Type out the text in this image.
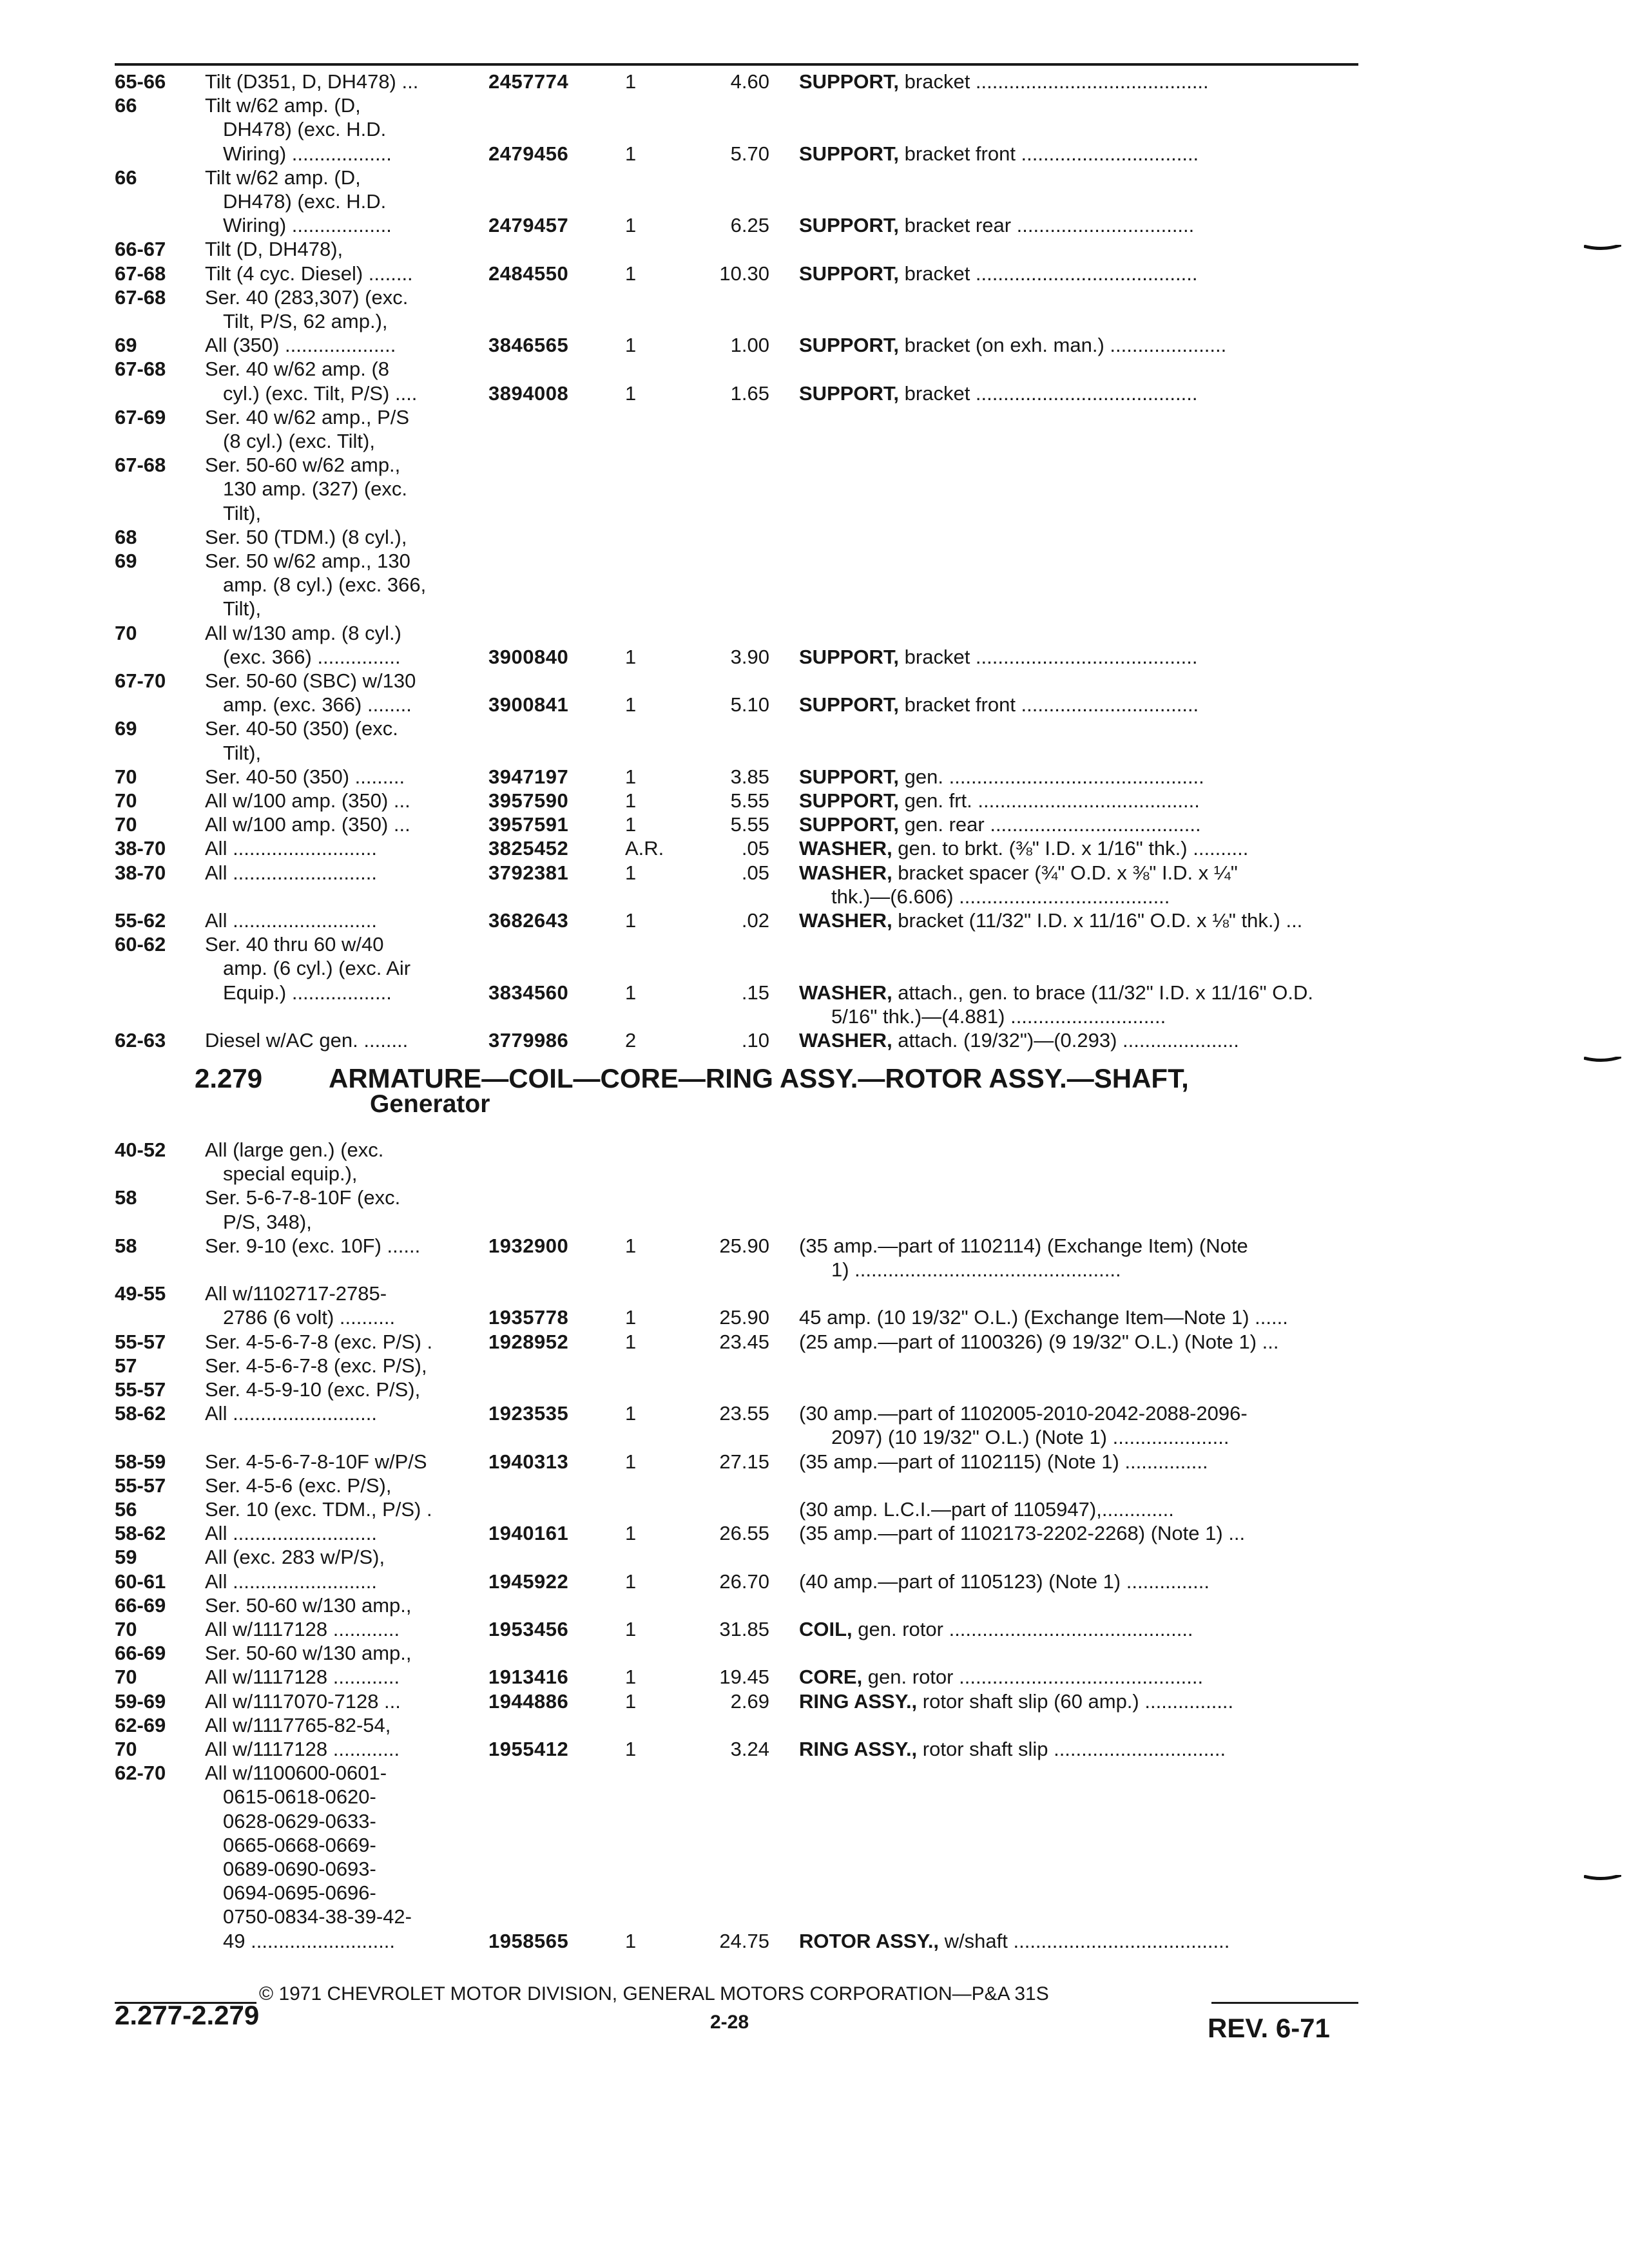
65-66 Tilt (D351, D, DH478) ...	2457774	1	4.60 SUPPORT, bracket ..........................................
66	Tilt w/62 amp. (D,
DH478) (exc. H.D.
Wiring) ..................	2479456	1	5.70 SUPPORT, bracket front ................................
66	Tilt w/62 amp. (D,
DH478) (exc. H.D.
Wiring) ..................	2479457	1	6.25 SUPPORT, bracket rear ................................
66-67 Tilt (D, DH478),
67-68 Tilt (4 cyc. Diesel) ........	2484550	1	10.30 SUPPORT, bracket ........................................
67-68 Ser. 40 (283,307) (exc.
Tilt, P/S, 62 amp.),
69	All (350) ....................	3846565	1	1.00 SUPPORT, bracket (on exh. man.) .....................
67-68 Ser. 40 w/62 amp. (8
cyl.) (exc. Tilt, P/S) ....	3894008	1	1.65 SUPPORT, bracket ........................................
67-69 Ser. 40 w/62 amp., P/S
(8 cyl.) (exc. Tilt),
67-68 Ser. 50-60 w/62 amp.,
130 amp. (327) (exc.
Tilt),
68	Ser. 50 (TDM.) (8 cyl.),
69	Ser. 50 w/62 amp., 130
amp. (8 cyl.) (exc. 366,
Tilt),
70	All w/130 amp. (8 cyl.)
(exc. 366) ...............	3900840	1	3.90 SUPPORT, bracket ........................................
67-70 Ser. 50-60 (SBC) w/130
amp. (exc. 366) ........	3900841	1	5.10 SUPPORT, bracket front ................................
69	Ser. 40-50 (350) (exc.
Tilt),
70	Ser. 40-50 (350) .........	3947197	1	3.85 SUPPORT, gen. ..............................................
70	All w/100 amp. (350) ...	3957590	1	5.55 SUPPORT, gen. frt. ........................................
70	All w/100 amp. (350) ...	3957591	1	5.55 SUPPORT, gen. rear ......................................
38-70 All ..........................	3825452	A.R.	.05 WASHER, gen. to brkt. (⅜" I.D. x 1/16" thk.) ..........
38-70 All ..........................	3792381	1	.05 WASHER, bracket spacer (¾" O.D. x ⅜" I.D. x ¼"
thk.)—(6.606) ......................................
55-62 All ..........................	3682643	1	.02 WASHER, bracket (11/32" I.D. x 11/16" O.D. x ⅛" thk.) ...
60-62 Ser. 40 thru 60 w/40
amp. (6 cyl.) (exc. Air
Equip.) ..................	3834560	1	.15 WASHER, attach., gen. to brace (11/32" I.D. x 11/16" O.D.
5/16" thk.)—(4.881) ............................
62-63 Diesel w/AC gen. ........	3779986	2	.10 WASHER, attach. (19/32")—(0.293) .....................
2.279 ARMATURE—COIL—CORE—RING ASSY.—ROTOR ASSY.—SHAFT,
Generator
40-52 All (large gen.) (exc.
special equip.),
58	Ser. 5-6-7-8-10F (exc.
P/S, 348),
58	Ser. 9-10 (exc. 10F) ......	1932900	1	25.90 (35 amp.—part of 1102114) (Exchange Item) (Note
1) ................................................
49-55 All w/1102717-2785-
2786 (6 volt) ..........	1935778	1	25.90 45 amp. (10 19/32" O.L.) (Exchange Item—Note 1) ......
55-57 Ser. 4-5-6-7-8 (exc. P/S) .	1928952	1	23.45 (25 amp.—part of 1100326) (9 19/32" O.L.) (Note 1) ...
57	Ser. 4-5-6-7-8 (exc. P/S),
55-57 Ser. 4-5-9-10 (exc. P/S),
58-62 All ..........................	1923535	1	23.55 (30 amp.—part of 1102005-2010-2042-2088-2096-
2097) (10 19/32" O.L.) (Note 1) .....................
58-59 Ser. 4-5-6-7-8-10F w/P/S	1940313	1	27.15 (35 amp.—part of 1102115) (Note 1) ...............
55-57 Ser. 4-5-6 (exc. P/S),
56	Ser. 10 (exc. TDM., P/S) .	(30 amp. L.C.I.—part of 1105947),.............
58-62 All ..........................	1940161	1	26.55 (35 amp.—part of 1102173-2202-2268) (Note 1) ...
59	All (exc. 283 w/P/S),
60-61 All ..........................	1945922	1	26.70 (40 amp.—part of 1105123) (Note 1) ...............
66-69 Ser. 50-60 w/130 amp.,
70	All w/1117128 ............	1953456	1	31.85 COIL, gen. rotor ............................................
66-69 Ser. 50-60 w/130 amp.,
70	All w/1117128 ............	1913416	1	19.45 CORE, gen. rotor ............................................
59-69 All w/1117070-7128 ...	1944886	1	2.69 RING ASSY., rotor shaft slip (60 amp.) ................
62-69 All w/1117765-82-54,
70	All w/1117128 ............	1955412	1	3.24 RING ASSY., rotor shaft slip ...............................
62-70 All w/1100600-0601-
0615-0618-0620-
0628-0629-0633-
0665-0668-0669-
0689-0690-0693-
0694-0695-0696-
0750-0834-38-39-42-
49 ..........................	1958565	1	24.75 ROTOR ASSY., w/shaft .......................................
© 1971 CHEVROLET MOTOR DIVISION, GENERAL MOTORS CORPORATION—P&A 31S
2.277-2.279	2-28	REV. 6-71
